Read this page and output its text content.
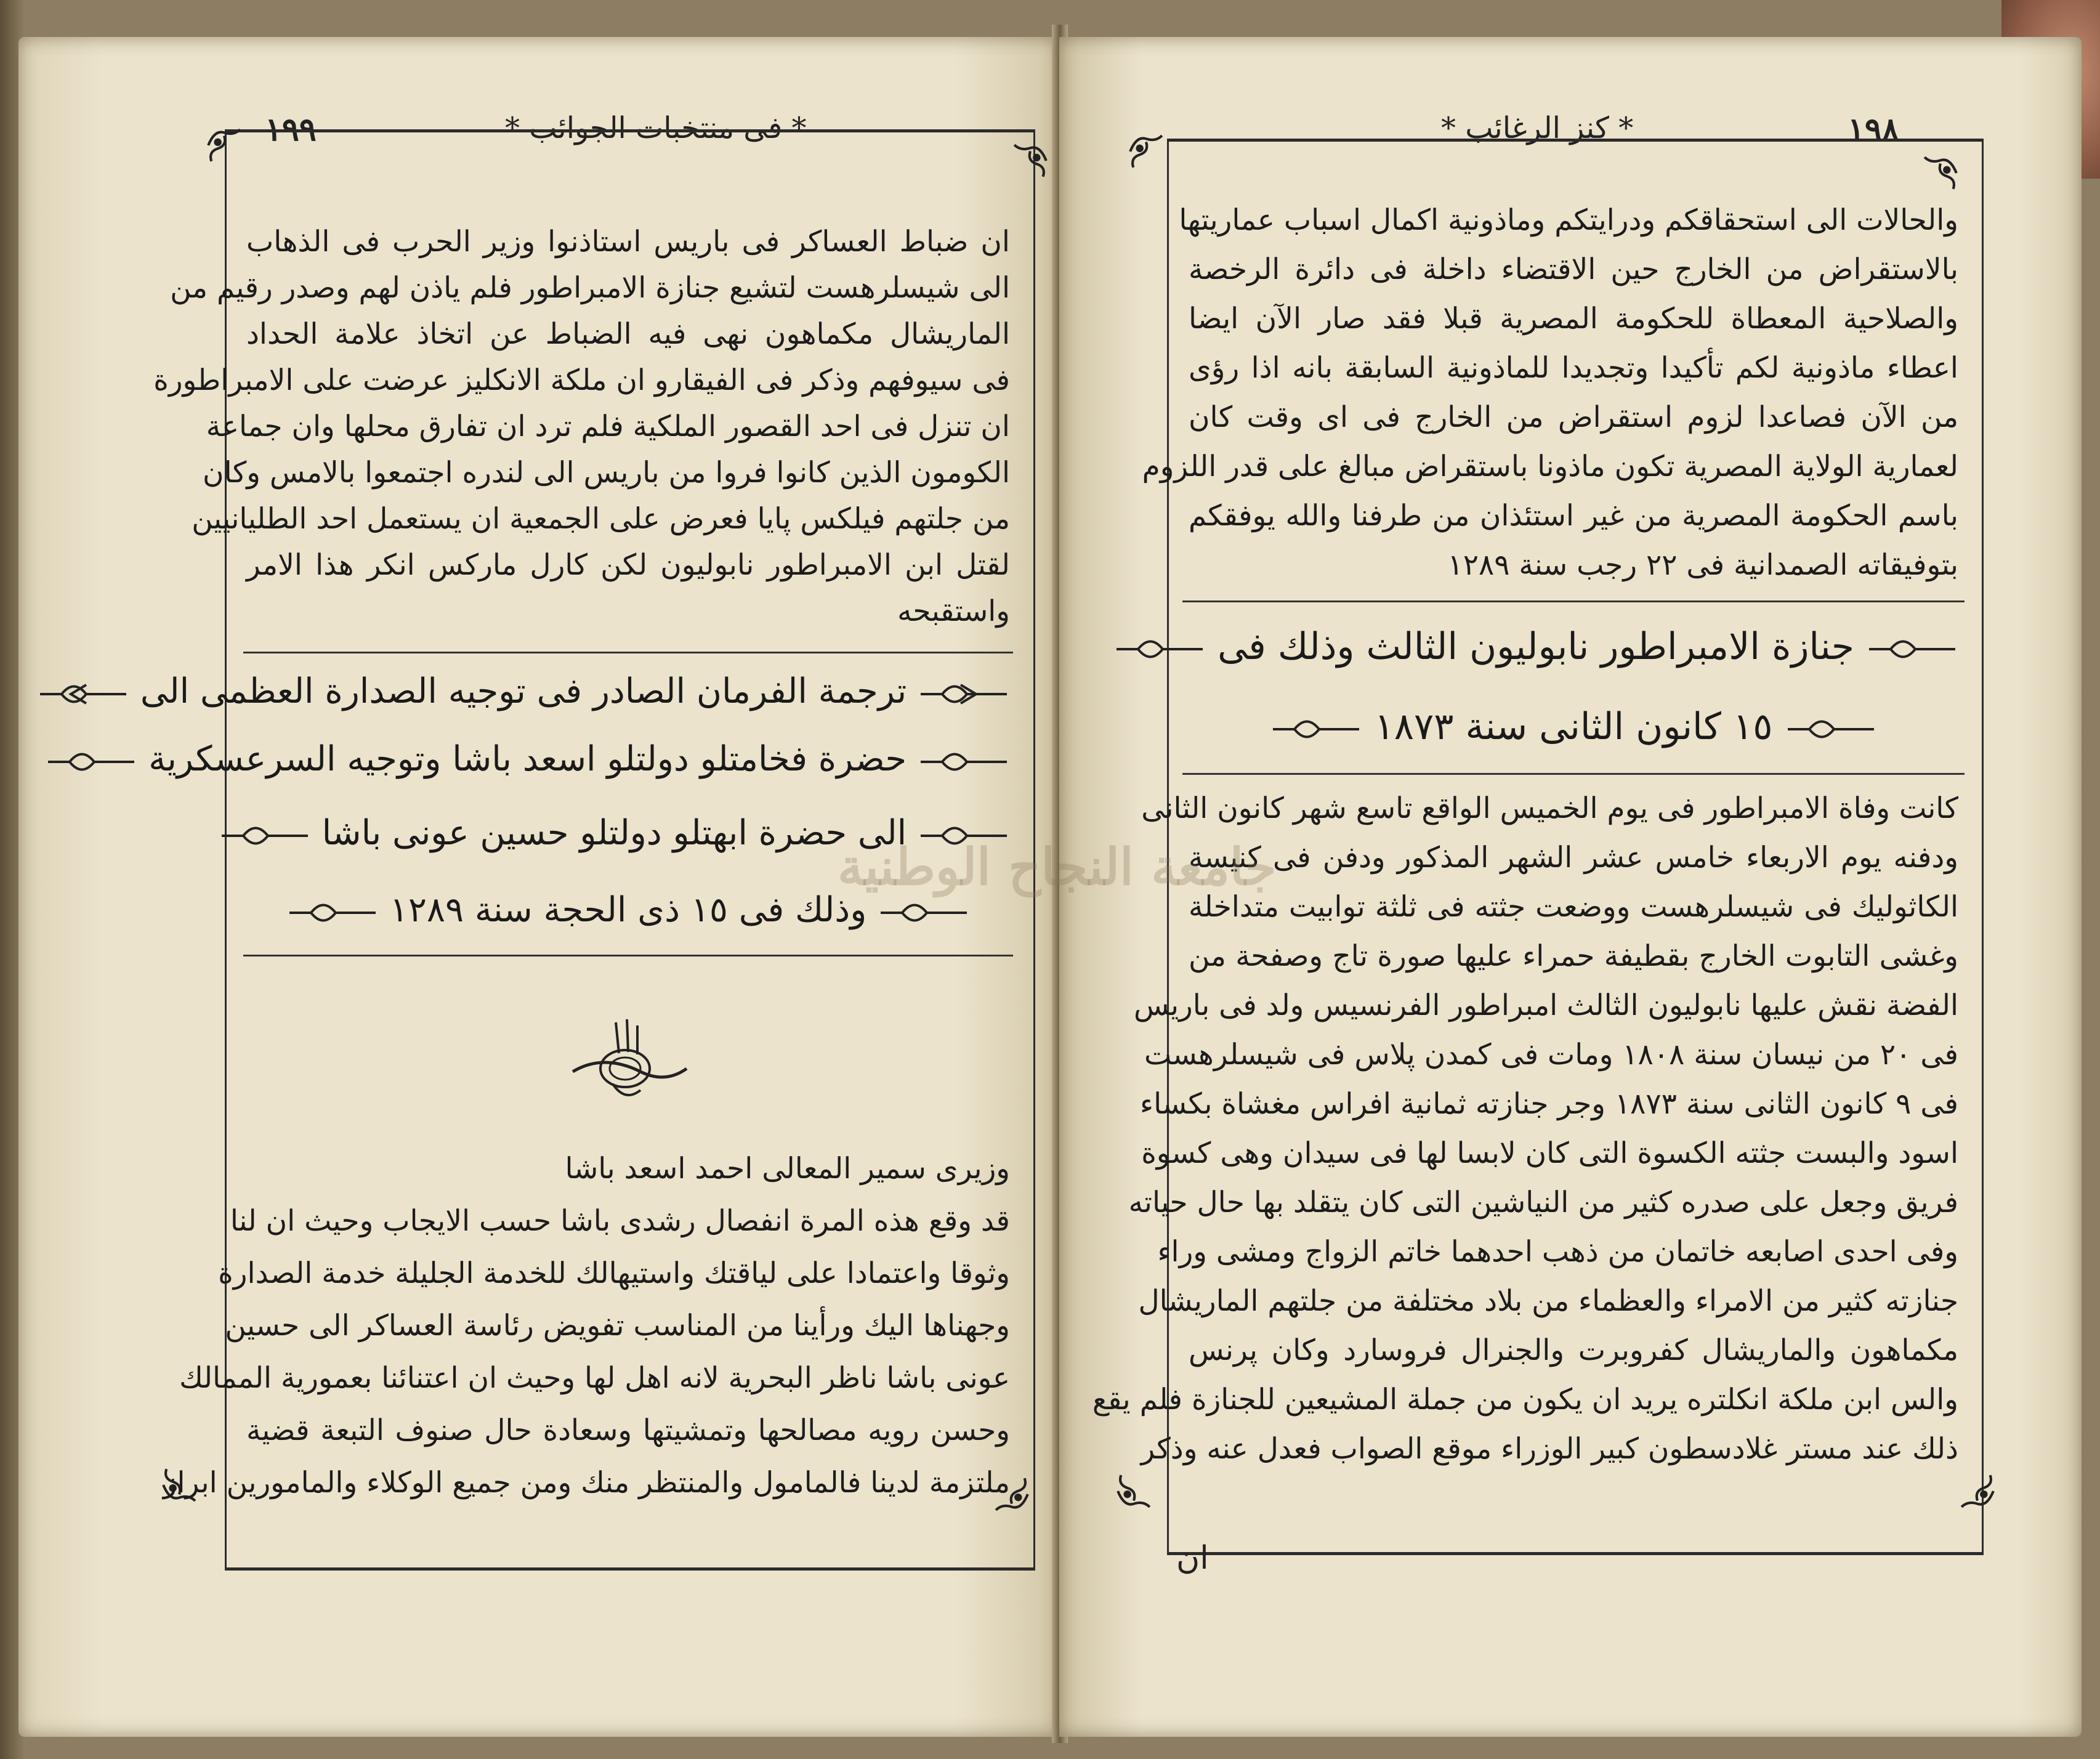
* فى منتخبات الجوائب *
١٩٩
ان ضباط العساكر فى باريس استاذنوا وزير الحرب فى الذهاب
الى شيسلرهست لتشيع جنازة الامبراطور فلم ياذن لهم وصدر رقيم من
الماريشال مكماهون نهى فيه الضباط عن اتخاذ علامة الحداد
فى سيوفهم وذكر فى الفيقارو ان ملكة الانكليز عرضت على الامبراطورة
ان تنزل فى احد القصور الملكية فلم ترد ان تفارق محلها وان جماعة
الكومون الذين كانوا فروا من باريس الى لندره اجتمعوا بالامس وكان
من جلتهم فيلكس پايا فعرض على الجمعية ان يستعمل احد الطليانيين
لقتل ابن الامبراطور نابوليون لكن كارل ماركس انكر هذا الامر
واستقبحه
ترجمة الفرمان الصادر فى توجيه الصدارة العظمى الى
حضرة فخامتلو دولتلو اسعد باشا وتوجيه السرعسكرية
الى حضرة ابهتلو دولتلو حسين عونى باشا
وذلك فى ١٥ ذى الحجة سنة ١٢٨٩
وزيرى سمير المعالى احمد اسعد باشا
قد وقع هذه المرة انفصال رشدى باشا حسب الايجاب وحيث ان لنا
وثوقا واعتمادا على لياقتك واستيهالك للخدمة الجليلة خدمة الصدارة
وجهناها اليك ورأينا من المناسب تفويض رئاسة العساكر الى حسين
عونى باشا ناظر البحرية لانه اهل لها وحيث ان اعتنائنا بعمورية الممالك
وحسن رويه مصالحها وتمشيتها وسعادة حال صنوف التبعة قضية
ملتزمة لدينا فالمامول والمنتظر منك ومن جميع الوكلاء والمامورين ابراز
* كنز الرغائب *	١٩٨
والحالات الى استحقاقكم ودرايتكم وماذونية اكمال اسباب عماريتها
بالاستقراض من الخارج حين الاقتضاء داخلة فى دائرة الرخصة
والصلاحية المعطاة للحكومة المصرية قبلا فقد صار الآن ايضا
اعطاء ماذونية لكم تأكيدا وتجديدا للماذونية السابقة بانه اذا رؤى
من الآن فصاعدا لزوم استقراض من الخارج فى اى وقت كان
لعمارية الولاية المصرية تكون ماذونا باستقراض مبالغ على قدر اللزوم
باسم الحكومة المصرية من غير استئذان من طرفنا والله يوفقكم
بتوفيقاته الصمدانية فى ٢٢ رجب سنة ١٢٨٩
جنازة الامبراطور نابوليون الثالث وذلك فى
١٥ كانون الثانى سنة ١٨٧٣
كانت وفاة الامبراطور فى يوم الخميس الواقع تاسع شهر كانون الثانى
ودفنه يوم الاربعاء خامس عشر الشهر المذكور ودفن فى كنيسة
الكاثوليك فى شيسلرهست ووضعت جثته فى ثلثة توابيت متداخلة
وغشى التابوت الخارج بقطيفة حمراء عليها صورة تاج وصفحة من
الفضة نقش عليها نابوليون الثالث امبراطور الفرنسيس ولد فى باريس
فى ٢٠ من نيسان سنة ١٨٠٨ ومات فى كمدن پلاس فى شيسلرهست
فى ٩ كانون الثانى سنة ١٨٧٣ وجر جنازته ثمانية افراس مغشاة بكساء
اسود والبست جثته الكسوة التى كان لابسا لها فى سيدان وهى كسوة
فريق وجعل على صدره كثير من النياشين التى كان يتقلد بها حال حياته
وفى احدى اصابعه خاتمان من ذهب احدهما خاتم الزواج ومشى وراء
جنازته كثير من الامراء والعظماء من بلاد مختلفة من جلتهم الماريشال
مكماهون والماريشال كفروبرت والجنرال فروسارد وكان پرنس
والس ابن ملكة انكلتره يريد ان يكون من جملة المشيعين للجنازة فلم يقع
ذلك عند مستر غلادسطون كبير الوزراء موقع الصواب فعدل عنه وذكر
ان
جامعة النجاح الوطنية
